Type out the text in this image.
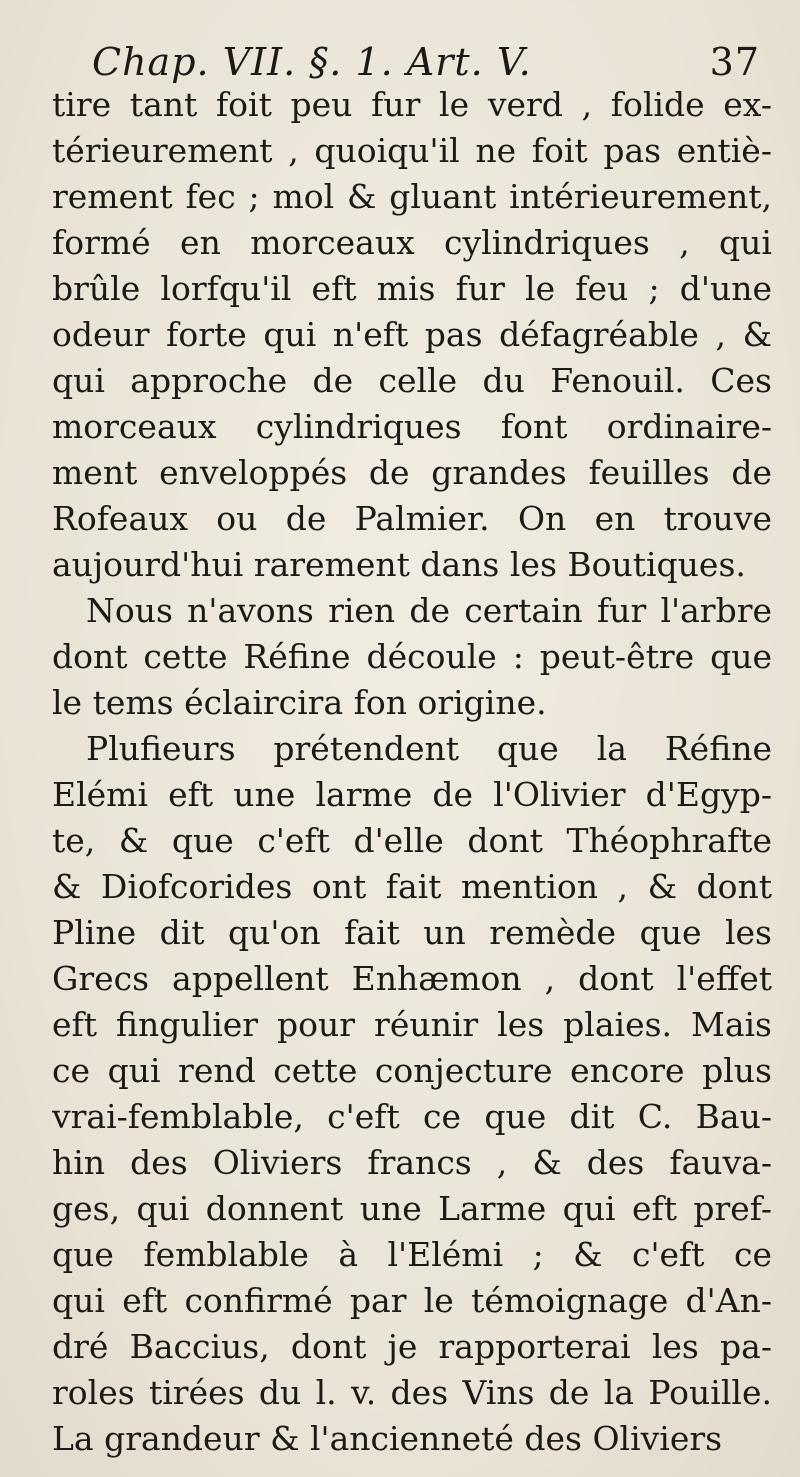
Chap. VII. §. 1. Art. V.	37
tire tant foit peu fur le verd , folide ex-
térieurement , quoiqu'il ne foit pas entiè-
rement fec ; mol & gluant intérieurement,
formé en morceaux cylindriques , qui
brûle lorfqu'il eft mis fur le feu ; d'une
odeur forte qui n'eft pas défagréable , &
qui approche de celle du Fenouil. Ces
morceaux cylindriques font ordinaire-
ment enveloppés de grandes feuilles de
Rofeaux ou de Palmier. On en trouve
aujourd'hui rarement dans les Boutiques.
Nous n'avons rien de certain fur l'arbre
dont cette Réfine découle : peut-être que
le tems éclaircira fon origine.
Plufieurs prétendent que la Réfine
Elémi eft une larme de l'Olivier d'Egyp-
te, & que c'eft d'elle dont Théophrafte
& Diofcorides ont fait mention , & dont
Pline dit qu'on fait un remède que les
Grecs appellent Enhæmon , dont l'effet
eft fingulier pour réunir les plaies. Mais
ce qui rend cette conjecture encore plus
vrai-femblable, c'eft ce que dit C. Bau-
hin des Oliviers francs , & des fauva-
ges, qui donnent une Larme qui eft pref-
que femblable à l'Elémi ; & c'eft ce
qui eft confirmé par le témoignage d'An-
dré Baccius, dont je rapporterai les pa-
roles tirées du l. v. des Vins de la Pouille.
La grandeur & l'ancienneté des Oliviers
